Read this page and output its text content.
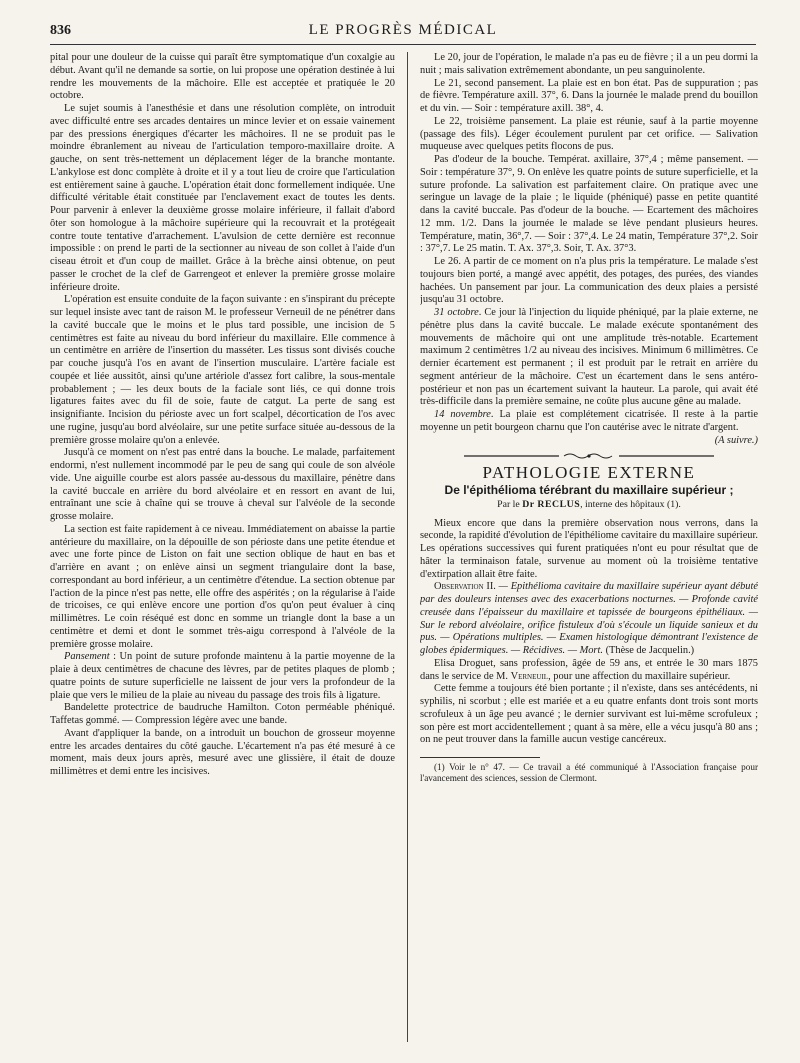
836	LE PROGRÈS MÉDICAL

pital pour une douleur de la cuisse qui paraît être symptomatique d'un coxalgie au début. Avant qu'il ne demande sa sortie, on lui propose une opération destinée à lui rendre les mouvements de la mâchoire. Elle est acceptée et pratiquée le 20 octobre.

Le sujet soumis à l'anesthésie et dans une résolution complète, on introduit avec difficulté entre ses arcades dentaires un mince levier et on essaie vainement par des pressions énergiques d'écarter les mâchoires. Il ne se produit pas le moindre ébranlement au niveau de l'articulation temporo-maxillaire droite. A gauche, on sent très-nettement un déplacement léger de la branche montante. L'ankylose est donc complète à droite et il y a tout lieu de croire que l'articulation est entièrement saine à gauche. L'opération était donc formellement indiquée. Une difficulté véritable était constituée par l'enclavement exact de toutes les dents. Pour parvenir à enlever la deuxième grosse molaire inférieure, il fallait d'abord ôter son homologue à la mâchoire supérieure qui la recouvrait et la protégeait contre toute tentative d'arrachement. L'avulsion de cette dernière est reconnue impossible : on prend le parti de la sectionner au niveau de son collet à l'aide d'un ciseau étroit et d'un coup de maillet. Grâce à la brèche ainsi obtenue, on peut passer le crochet de la clef de Garrengeot et enlever la première grosse molaire inférieure droite.

L'opération est ensuite conduite de la façon suivante : en s'inspirant du précepte sur lequel insiste avec tant de raison M. le professeur Verneuil de ne pénétrer dans la cavité buccale que le moins et le plus tard possible, une incision de 5 centimètres est faite au niveau du bord inférieur du maxillaire. Elle commence à un centimètre en arrière de l'insertion du masséter. Les tissus sont divisés couche par couche jusqu'à l'os en avant de l'insertion musculaire. L'artère faciale est coupée et liée aussitôt, ainsi qu'une artériole d'assez fort calibre, la sous-mentale probablement ; — les deux bouts de la faciale sont liés, ce qui donne trois ligatures faites avec du fil de soie, faute de catgut. La perte de sang est insignifiante. Incision du périoste avec un fort scalpel, décortication de l'os avec une rugine, jusqu'au bord alvéolaire, sur une petite surface située au-dessous de la première grosse molaire qu'on a enlevée.

Jusqu'à ce moment on n'est pas entré dans la bouche. Le malade, parfaitement endormi, n'est nullement incommodé par le peu de sang qui coule de son alvéole vide. Une aiguille courbe est alors passée au-dessous du maxillaire, pénètre dans la cavité buccale en arrière du bord alvéolaire et en ressort en avant de lui, entraînant une scie à chaîne qui se trouve à cheval sur l'alvéole de la seconde grosse molaire.

La section est faite rapidement à ce niveau. Immédiatement on abaisse la partie antérieure du maxillaire, on la dépouille de son périoste dans une petite étendue et avec une forte pince de Liston on fait une section oblique de haut en bas et d'arrière en avant ; on enlève ainsi un segment triangulaire dont la base, correspondant au bord inférieur, a un centimètre d'étendue. La section obtenue par l'action de la pince n'est pas nette, elle offre des aspérités ; on la régularise à l'aide de tricoises, ce qui enlève encore une portion d'os qu'on peut évaluer à cinq millimètres. Le coin réséqué est donc en somme un triangle dont la base a un centimètre et demi et dont le sommet très-aigu correspond à l'alvéole de la première grosse molaire.

Pansement : Un point de suture profonde maintenu à la partie moyenne de la plaie à deux centimètres de chacune des lèvres, par de petites plaques de plomb ; quatre points de suture superficielle ne laissent de jour vers la profondeur de la plaie que vers le milieu de la plaie au niveau du passage des trois fils à ligature.

Bandelette protectrice de baudruche Hamilton. Coton perméable phéniqué. Taffetas gommé. — Compression légère avec une bande.

Avant d'appliquer la bande, on a introduit un bouchon de grosseur moyenne entre les arcades dentaires du côté gauche. L'écartement n'a pas été mesuré à ce moment, mais deux jours après, mesuré avec une glissière, il était de douze millimètres et demi entre les incisives.

Le 20, jour de l'opération, le malade n'a pas eu de fièvre ; il a un peu dormi la nuit ; mais salivation extrêmement abondante, un peu sanguinolente.

Le 21, second pansement. La plaie est en bon état. Pas de suppuration ; pas de fièvre. Température axill. 37°, 6. Dans la journée le malade prend du bouillon et du vin. — Soir : température axill. 38°, 4.

Le 22, troisième pansement. La plaie est réunie, sauf à la partie moyenne (passage des fils). Léger écoulement purulent par cet orifice. — Salivation muqueuse avec quelques petits flocons de pus.

Pas d'odeur de la bouche. Températ. axillaire, 37°,4 ; même pansement. — Soir : température 37°, 9. On enlève les quatre points de suture superficielle, et la suture profonde. La salivation est parfaitement claire. On pratique avec une seringue un lavage de la plaie ; le liquide (phéniqué) passe en petite quantité dans la cavité buccale. Pas d'odeur de la bouche. — Ecartement des mâchoires 12 mm. 1/2. Dans la journée le malade se lève pendant plusieurs heures. Température, matin, 36°,7. — Soir : 37°,4. Le 24 matin, Température 37°,2. Soir : 37°,7. Le 25 matin. T. Ax. 37°,3. Soir, T. Ax. 37°3.

Le 26. A partir de ce moment on n'a plus pris la température. Le malade s'est toujours bien porté, a mangé avec appétit, des potages, des purées, des viandes hachées. Un pansement par jour. La communication des deux plaies a persisté jusqu'au 31 octobre.

31 octobre. Ce jour là l'injection du liquide phéniqué, par la plaie externe, ne pénètre plus dans la cavité buccale. Le malade exécute spontanément des mouvements de mâchoire qui ont une amplitude très-notable. Ecartement maximum 2 centimètres 1/2 au niveau des incisives. Minimum 6 millimètres. Ce dernier écartement est permanent ; il est produit par le retrait en arrière du segment antérieur de la mâchoire. C'est un écartement dans le sens antéro-postérieur et non pas un écartement suivant la hauteur. La parole, qui avait été très-difficile dans la première semaine, ne coûte plus aucune gêne au malade.

14 novembre. La plaie est complétement cicatrisée. Il reste à la partie moyenne un petit bourgeon charnu que l'on cautérise avec le nitrate d'argent.

(A suivre.)

PATHOLOGIE EXTERNE
De l'épithélioma térébrant du maxillaire supérieur ;
Par le Dr RECLUS, interne des hôpitaux (1).

Mieux encore que dans la première observation nous verrons, dans la seconde, la rapidité d'évolution de l'épithéliome cavitaire du maxillaire supérieur. Les opérations successives qui furent pratiquées n'ont eu pour résultat que de hâter la terminaison fatale, survenue au moment où la troisième tentative d'extirpation allait être faite.

Observation II. — Epithélioma cavitaire du maxillaire supérieur ayant débuté par des douleurs intenses avec des exacerbations nocturnes. — Profonde cavité creusée dans l'épaisseur du maxillaire et tapissée de bourgeons épithéliaux. — Sur le rebord alvéolaire, orifice fistuleux d'où s'écoule un liquide sanieux et du pus. — Opérations multiples. — Examen histologique démontrant l'existence de globes épidermiques. — Récidives. — Mort. (Thèse de Jacquelin.)

Elisa Droguet, sans profession, âgée de 59 ans, et entrée le 30 mars 1875 dans le service de M. Verneuil, pour une affection du maxillaire supérieur.

Cette femme a toujours été bien portante ; il n'existe, dans ses antécédents, ni syphilis, ni scorbut ; elle est mariée et a eu quatre enfants dont trois sont morts scrofuleux à un âge peu avancé ; le dernier survivant est lui-même scrofuleux ; son père est mort accidentellement ; quant à sa mère, elle a vécu jusqu'à 80 ans ; on ne peut trouver dans la famille aucun vestige cancéreux.

(1) Voir le n° 47. — Ce travail a été communiqué à l'Association française pour l'avancement des sciences, session de Clermont.
